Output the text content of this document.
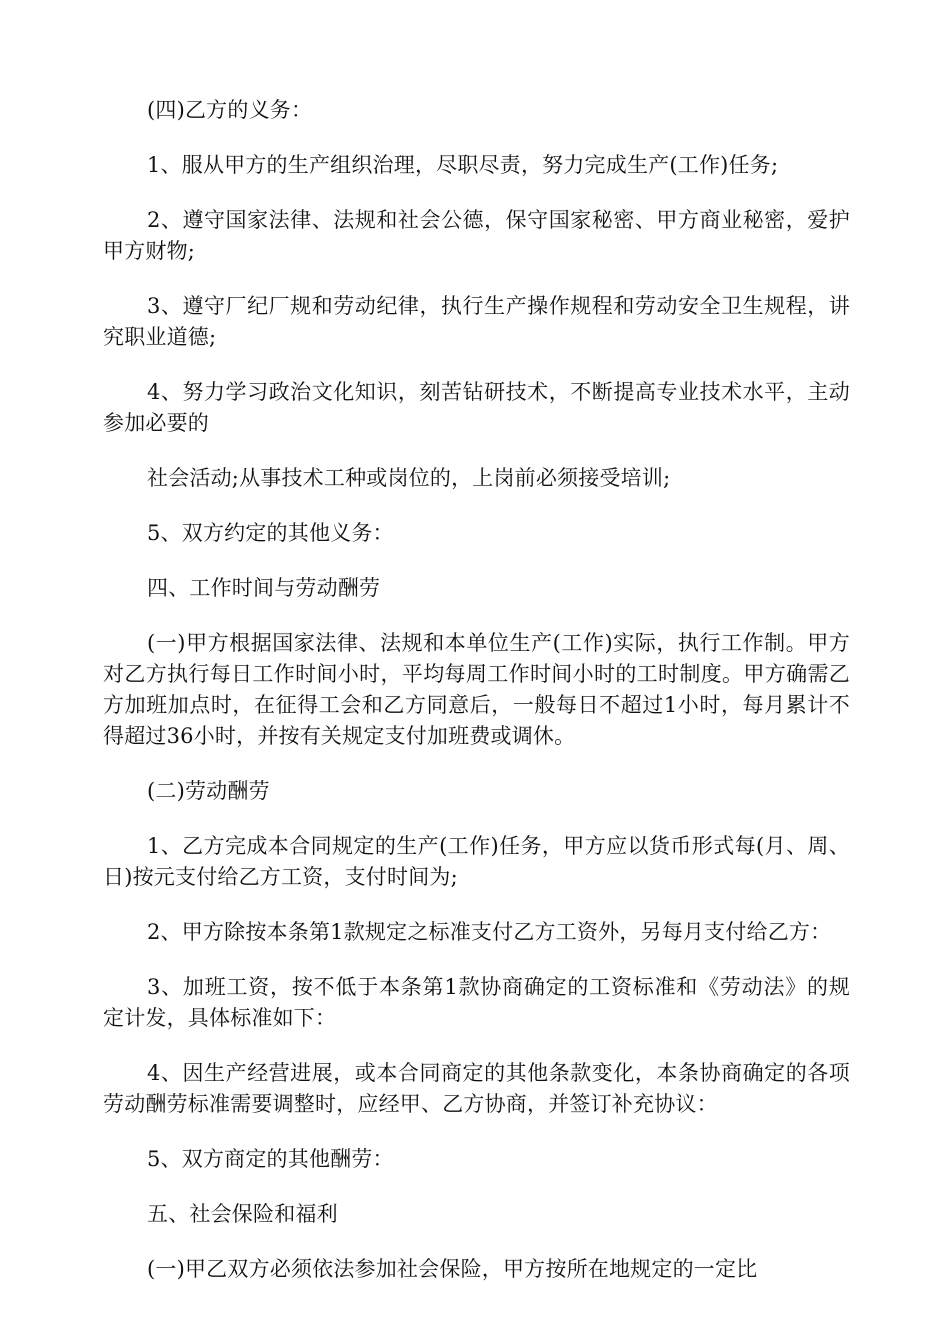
(四)乙方的义务：

1、服从甲方的生产组织治理，尽职尽责，努力完成生产(工作)任务;

2、遵守国家法律、法规和社会公德，保守国家秘密、甲方商业秘密，爱护甲方财物;

3、遵守厂纪厂规和劳动纪律，执行生产操作规程和劳动安全卫生规程，讲究职业道德;

4、努力学习政治文化知识，刻苦钻研技术，不断提高专业技术水平，主动参加必要的

社会活动;从事技术工种或岗位的，上岗前必须接受培训;

5、双方约定的其他义务：

四、工作时间与劳动酬劳

(一)甲方根据国家法律、法规和本单位生产(工作)实际，执行工作制。甲方对乙方执行每日工作时间小时，平均每周工作时间小时的工时制度。甲方确需乙方加班加点时，在征得工会和乙方同意后，一般每日不超过1小时，每月累计不得超过36小时，并按有关规定支付加班费或调休。

(二)劳动酬劳

1、乙方完成本合同规定的生产(工作)任务，甲方应以货币形式每(月、周、日)按元支付给乙方工资，支付时间为;

2、甲方除按本条第1款规定之标准支付乙方工资外，另每月支付给乙方：

3、加班工资，按不低于本条第1款协商确定的工资标准和《劳动法》的规定计发，具体标准如下：

4、因生产经营进展，或本合同商定的其他条款变化，本条协商确定的各项劳动酬劳标准需要调整时，应经甲、乙方协商，并签订补充协议：

5、双方商定的其他酬劳：

五、社会保险和福利

(一)甲乙双方必须依法参加社会保险，甲方按所在地规定的一定比
